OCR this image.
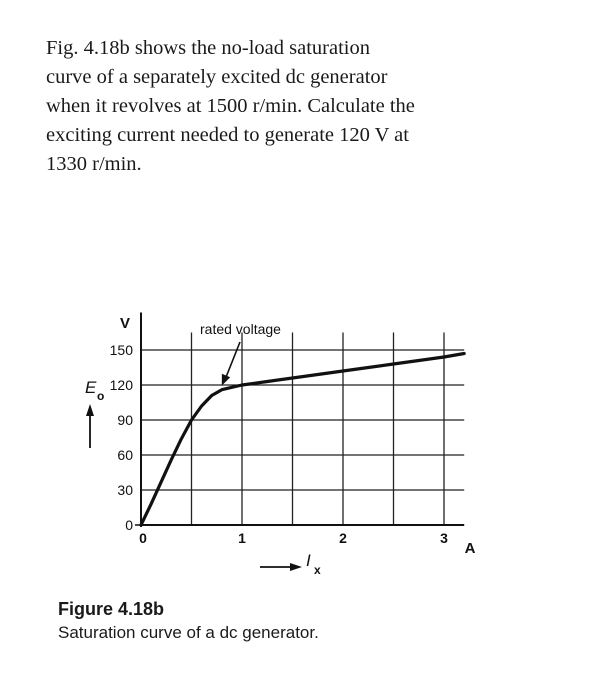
Fig. 4.18b shows the no-load saturation
curve of a separately excited dc generator
when it revolves at 1500 r/min. Calculate the
exciting current needed to generate 120 V at
1330 r/min.

0
30
60
90
120
150
0	1	2	3
V
A
rated voltage
E o
I x
Figure 4.18b
Saturation curve of a dc generator.
